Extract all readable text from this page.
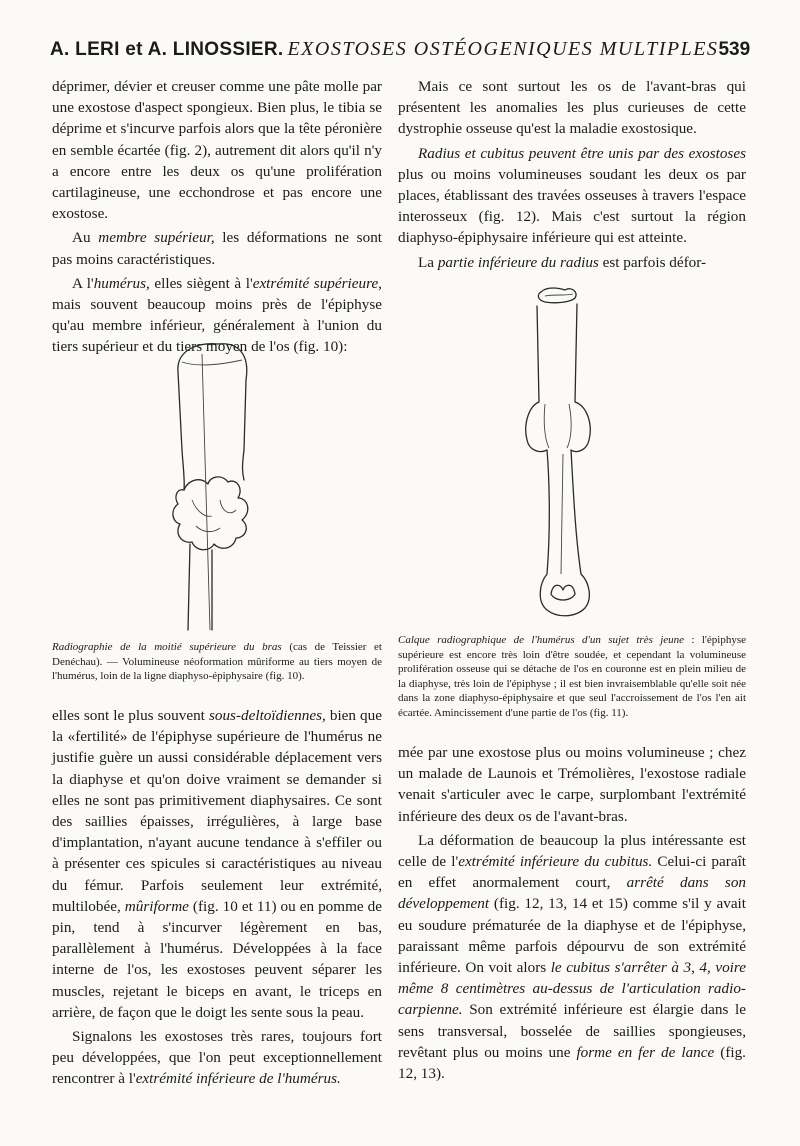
A. LERI et A. LINOSSIER. EXOSTOSES OSTÉOGENIQUES MULTIPLES 539

déprimer, dévier et creuser comme une pâte molle par une exostose d'aspect spongieux. Bien plus, le tibia se déprime et s'incurve parfois alors que la tête péronière en semble écartée (fig. 2), autrement dit alors qu'il n'y a encore entre les deux os qu'une prolifération cartilagineuse, une ecchondrose et pas encore une exostose.

Au membre supérieur, les déformations ne sont pas moins caractéristiques.

A l'humérus, elles siègent à l'extrémité supérieure, mais souvent beaucoup moins près de l'épiphyse qu'au membre inférieur, généralement à l'union du tiers supérieur et du tiers moyen de l'os (fig. 10):

Radiographie de la moitié supérieure du bras (cas de Teissier et Denéchau). — Volumineuse néoformation mûriforme au tiers moyen de l'humérus, loin de la ligne diaphyso-épiphysaire (fig. 10).

elles sont le plus souvent sous-deltoïdiennes, bien que la «fertilité» de l'épiphyse supérieure de l'humérus ne justifie guère un aussi considérable déplacement vers la diaphyse et qu'on doive vraiment se demander si elles ne sont pas primitivement diaphysaires. Ce sont des saillies épaisses, irrégulières, à large base d'implantation, n'ayant aucune tendance à s'effiler ou à présenter ces spicules si caractéristiques au niveau du fémur. Parfois seulement leur extrémité, multilobée, mûriforme (fig. 10 et 11) ou en pomme de pin, tend à s'incurver légèrement en bas, parallèlement à l'humérus. Développées à la face interne de l'os, les exostoses peuvent séparer les muscles, rejetant le biceps en avant, le triceps en arrière, de façon que le doigt les sente sous la peau.

Signalons les exostoses très rares, toujours fort peu développées, que l'on peut exceptionnellement rencontrer à l'extrémité inférieure de l'humérus.

Mais ce sont surtout les os de l'avant-bras qui présentent les anomalies les plus curieuses de cette dystrophie osseuse qu'est la maladie exostosique.

Radius et cubitus peuvent être unis par des exostoses plus ou moins volumineuses soudant les deux os par places, établissant des travées osseuses à travers l'espace interosseux (fig. 12). Mais c'est surtout la région diaphyso-épiphysaire inférieure qui est atteinte.

La partie inférieure du radius est parfois défor-

Calque radiographique de l'humérus d'un sujet très jeune : l'épiphyse supérieure est encore très loin d'être soudée, et cependant la volumineuse prolifération osseuse qui se détache de l'os en couronne est en plein milieu de la diaphyse, très loin de l'épiphyse ; il est bien invraisemblable qu'elle soit née dans la zone diaphyso-épiphysaire et que seul l'accroissement de l'os l'en ait écartée. Amincissement d'une partie de l'os (fig. 11).

mée par une exostose plus ou moins volumineuse ; chez un malade de Launois et Trémolières, l'exostose radiale venait s'articuler avec le carpe, surplombant l'extrémité inférieure des deux os de l'avant-bras.

La déformation de beaucoup la plus intéressante est celle de l'extrémité inférieure du cubitus. Celui-ci paraît en effet anormalement court, arrêté dans son développement (fig. 12, 13, 14 et 15) comme s'il y avait eu soudure prématurée de la diaphyse et de l'épiphyse, paraissant même parfois dépourvu de son extrémité inférieure. On voit alors le cubitus s'arrêter à 3, 4, voire même 8 centimètres au-dessus de l'articulation radio-carpienne. Son extrémité inférieure est élargie dans le sens transversal, bosselée de saillies spongieuses, revêtant plus ou moins une forme en fer de lance (fig. 12, 13).
